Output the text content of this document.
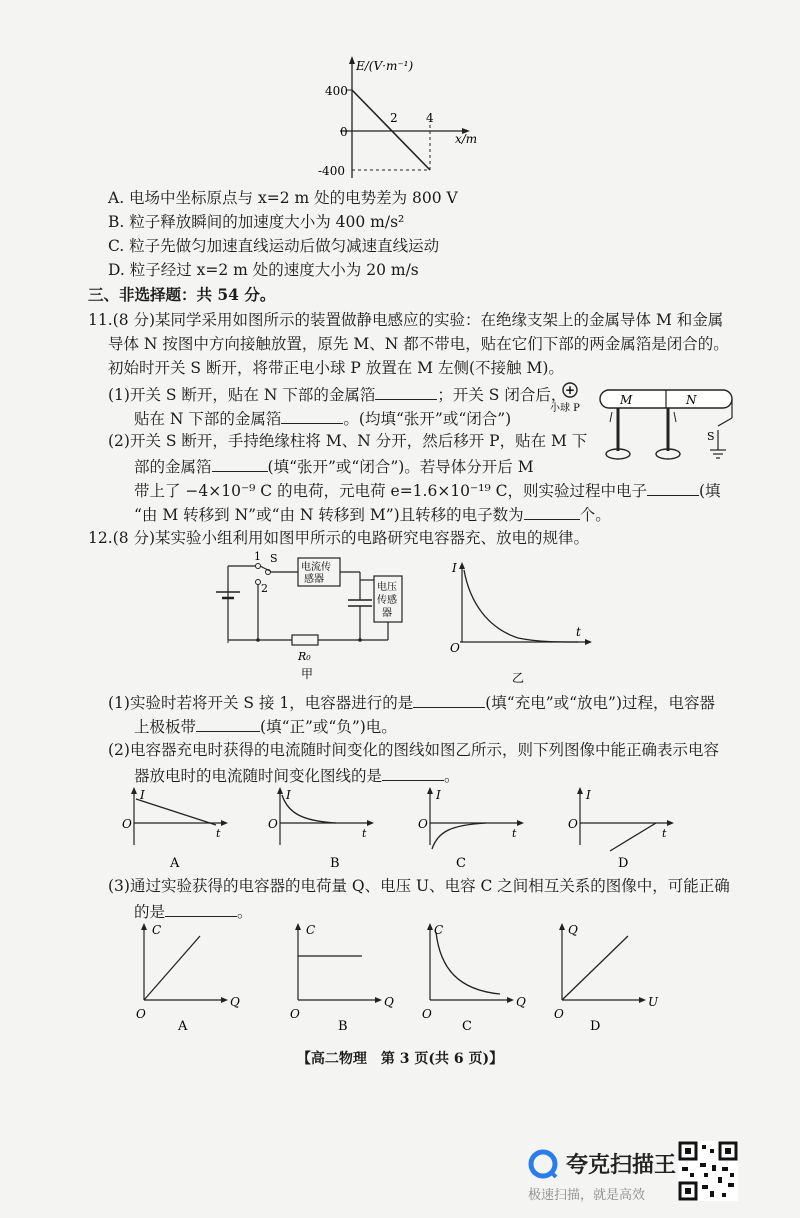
E/(V·m⁻¹)
400
0
-400
2 4
x/m
A. 电场中坐标原点与 x=2 m 处的电势差为 800 V
B. 粒子释放瞬间的加速度大小为 400 m/s²
C. 粒子先做匀加速直线运动后做匀减速直线运动
D. 粒子经过 x=2 m 处的速度大小为 20 m/s
三、非选择题：共 54 分。
11.(8 分)某同学采用如图所示的装置做静电感应的实验：在绝缘支架上的金属导体 M 和金属
导体 N 按图中方向接触放置，原先 M、N 都不带电，贴在它们下部的两金属箔是闭合的。
初始时开关 S 断开，将带正电小球 P 放置在 M 左侧(不接触 M)。
(1)开关 S 断开，贴在 N 下部的金属箔	；开关 S 闭合后，
贴在 N 下部的金属箔	。(均填“张开”或“闭合”)
(2)开关 S 断开，手持绝缘柱将 M、N 分开，然后移开 P，贴在 M 下
部的金属箔	(填“张开”或“闭合”)。若导体分开后 M
带上了 −4×10⁻⁹ C 的电荷，元电荷 e=1.6×10⁻¹⁹ C，则实验过程中电子	(填
“由 M 转移到 N”或“由 N 转移到 M”)且转移的电子数为	个。
+
小球 P
M	N
S
12.(8 分)某实验小组利用如图甲所示的电路研究电容器充、放电的规律。
1
2
S
电流传
感器
电压
传感
器
R₀
甲
I
t
O
乙
(1)实验时若将开关 S 接 1，电容器进行的是	(填“充电”或“放电”)过程，电容器
上极板带	(填“正”或“负”)电。
(2)电容器充电时获得的电流随时间变化的图线如图乙所示，则下列图像中能正确表示电容
器放电时的电流随时间变化图线的是	。
I
t
O
A
I
t
O
B
I
t
O
C
I
t
O
D
(3)通过实验获得的电容器的电荷量 Q、电压 U、电容 C 之间相互关系的图像中，可能正确
的是	。
C
Q
O
A
C
Q
O
B
C
Q
O
C
Q
U
O
D
【高二物理　第 3 页(共 6 页)】
夸克扫描王
极速扫描，就是高效
